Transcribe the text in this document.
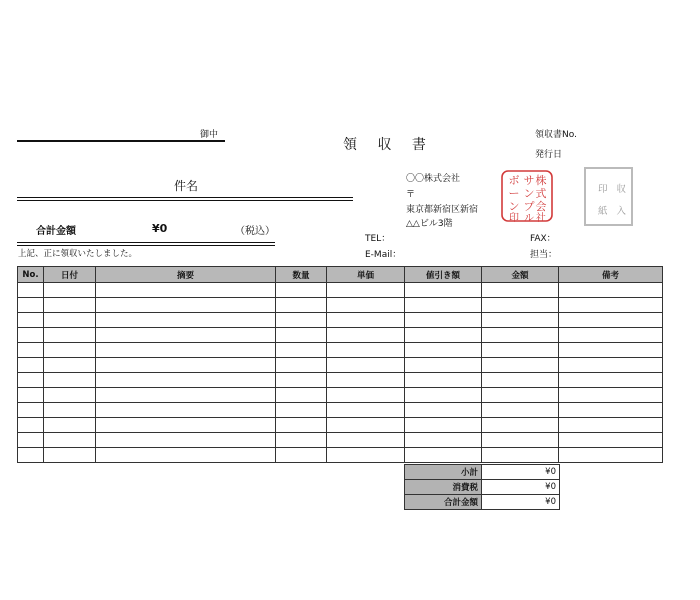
御中
領 収 書
領収書No.
発行日
件名	〇〇株式会社
〒
東京都新宿区新宿
△△ビル3階
株
式
会
社
サ
ン
プ
ル
ボ
ー
ン
印
印 収
紙 入
合計金額	¥0	（税込）
上記、正に領収いたしました。
TEL：
E-Mail：
FAX：
担当：
No.	日付	摘要	数量	単価	値引き額	金額	備考

小計	¥0
消費税	¥0
合計金額	¥0
